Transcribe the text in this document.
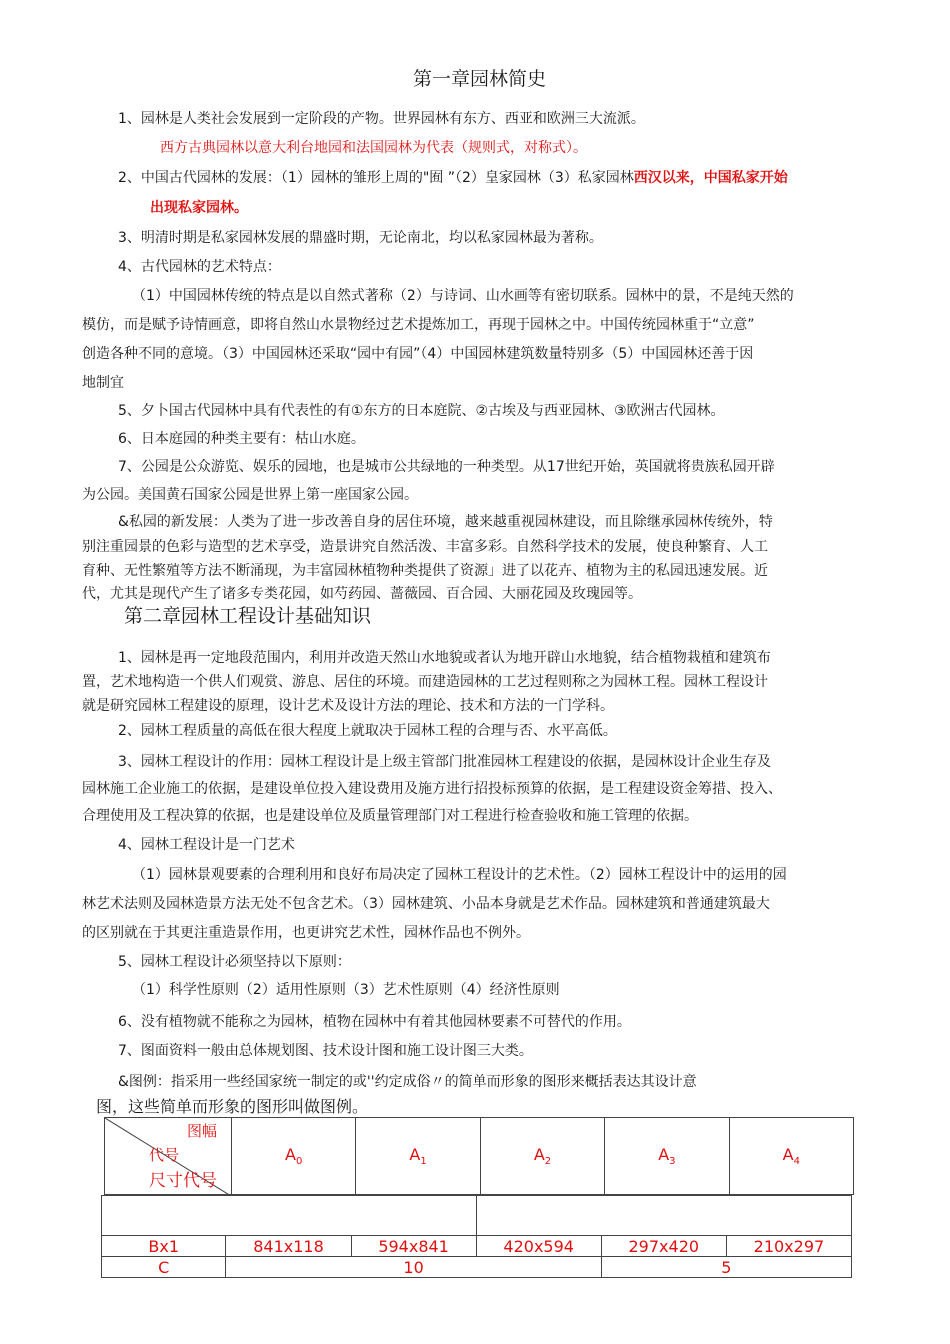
第一章园林简史
1、园林是人类社会发展到一定阶段的产物。世界园林有东方、西亚和欧洲三大流派。
西方古典园林以意大利台地园和法国园林为代表（规则式，对称式）。
2、中国古代园林的发展：（1）园林的雏形上周的"囿 ”（2）皇家园林（3）私家园林西汉以来，中国私家开始
出现私家园林。
3、明清时期是私家园林发展的鼎盛时期，无论南北，均以私家园林最为著称。
4、古代园林的艺术特点：
（1）中国园林传统的特点是以自然式著称（2）与诗词、山水画等有密切联系。园林中的景，不是纯天然的
模仿，而是赋予诗情画意，即将自然山水景物经过艺术提炼加工，再现于园林之中。中国传统园林重于“立意”
创造各种不同的意境。（3）中国园林还采取“园中有园”（4）中国园林建筑数量特别多（5）中国园林还善于因
地制宜
5、夕卜国古代园林中具有代表性的有①东方的日本庭院、②古埃及与西亚园林、③欧洲古代园林。
6、日本庭园的种类主要有：枯山水庭。
7、公园是公众游览、娱乐的园地，也是城市公共绿地的一种类型。从17世纪开始，英国就将贵族私园开辟
为公园。美国黄石国家公园是世界上第一座国家公园。
&私园的新发展：人类为了进一步改善自身的居住环境，越来越重视园林建设，而且除继承园林传统外，特
别注重园景的色彩与造型的艺术享受，造景讲究自然活泼、丰富多彩。自然科学技术的发展，使良种繁育、人工
育种、无性繁殖等方法不断涌现，为丰富园林植物种类提供了资源」进了以花卉、植物为主的私园迅速发展。近
代，尤其是现代产生了诸多专类花园，如芍药园、蔷薇园、百合园、大丽花园及玫瑰园等。
第二章园林工程设计基础知识
1、园林是再一定地段范围内，利用并改造天然山水地貌或者认为地开辟山水地貌，结合植物栽植和建筑布
置，艺术地构造一个供人们观赏、游息、居住的环境。而建造园林的工艺过程则称之为园林工程。园林工程设计
就是研究园林工程建设的原理，设计艺术及设计方法的理论、技术和方法的一门学科。
2、园林工程质量的高低在很大程度上就取决于园林工程的合理与否、水平高低。
3、园林工程设计的作用：园林工程设计是上级主管部门批准园林工程建设的依据，是园林设计企业生存及
园林施工企业施工的依据，是建设单位投入建设费用及施方进行招投标预算的依据，是工程建设资金筹措、投入、
合理使用及工程决算的依据，也是建设单位及质量管理部门对工程进行检查验收和施工管理的依据。
4、园林工程设计是一门艺术
（1）园林景观要素的合理利用和良好布局决定了园林工程设计的艺术性。（2）园林工程设计中的运用的园
林艺术法则及园林造景方法无处不包含艺术。（3）园林建筑、小品本身就是艺术作品。园林建筑和普通建筑最大
的区别就在于其更注重造景作用，也更讲究艺术性，园林作品也不例外。
5、园林工程设计必须坚持以下原则：
（1）科学性原则（2）适用性原则（3）艺术性原则（4）经济性原则
6、没有植物就不能称之为园林，植物在园林中有着其他园林要素不可替代的作用。
7、图面资料一般由总体规划图、技术设计图和施工设计图三大类。
&图例：指采用一些经国家统一制定的或''约定成俗〃的简单而形象的图形来概括表达其设计意
图，这些简单而形象的图形叫做图例。
图幅
代号
尺寸代号
	$A_0$	$A_1$	$A_2$	$A_3$	$A_4$

Bx1	841x118	594x841	420x594	297x420	210x297
C	10			5	
